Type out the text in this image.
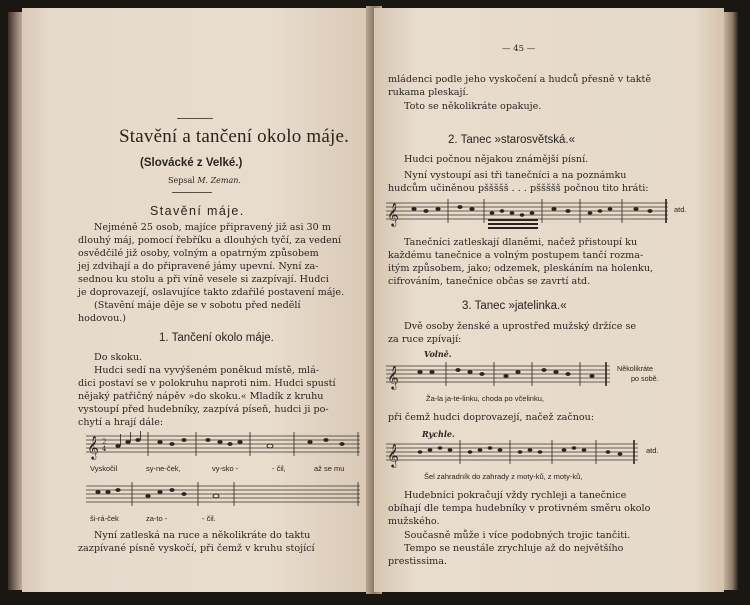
Stavění a tančení okolo máje.
(Slovácké z Velké.)
Sepsal M. Zeman.
Stavění máje.
Nejméně 25 osob, majíce připravený již asi 30 m
dlouhý máj, pomocí řebříku a dlouhých tyčí, za vedení
osvědčilé již osoby, volným a opatrným způsobem
jej zdvihají a do připravené jámy upevní. Nyní za-
sednou ku stolu a při víně vesele si zazpívají. Hudci
je doprovazejí, oslavujíce takto zdařilé postavení máje.
(Stavění máje děje se v sobotu před nedělí
hodovou.)
1. Tančení okolo máje.
Do skoku.
Hudci sedí na vyvýšeném poněkud místě, mlá-
dici postaví se v polokruhu naproti nim. Hudci spustí
nějaký patřičný nápěv »do skoku.« Mladík z kruhu
vystoupí před hudebníky, zazpívá píseň, hudci ji po-
chytí a hrají dále:
𝄞 2
4
Vyskočil	sy-ne-ček,	vy-sko -	- čil,	až se mu
ši-rá-ček	za-to -	- čil.
Nyní zatleská na ruce a několikráte do taktu
zazpívané písně vyskočí, při čemž v kruhu stojící
— 45 —
mládenci podle jeho vyskočení a hudců přesně v taktě
rukama pleskají.
Toto se několikráte opakuje.
2. Tanec »starosvětská.«
Hudci počnou nějakou známější písní.
Nyní vystoupí asi tři tanečníci a na poznámku
hudcům učiněnou pššššš . . . pššššš počnou tito hráti:
𝄞	atd.
Tanečníci zatleskají dlaněmi, načež přistoupí ku
každému tanečnice a volným postupem tančí rozma-
itým způsobem, jako; odzemek, pleskáním na holenku,
cifrováním, tanečnice občas se zavrtí atd.
3. Tanec »jatelinka.«
Dvě osoby ženské a uprostřed mužský držíce se
za ruce zpívají:
Volně.
𝄞	Několikráte
po sobě.
Ža-la ja-te-linku, choda po včelinku,
při čemž hudci doprovazejí, načež začnou:
Rychle.
𝄞	atd.
Šel zahradník do zahrady z moty-ků, z moty-ků,
Hudebníci pokračují vždy rychleji a tanečnice
obíhají dle tempa hudebníky v protivném směru okolo
mužského.
Současně může i více podobných trojic tančiti.
Tempo se neustále zrychluje až do největšího
prestissima.
